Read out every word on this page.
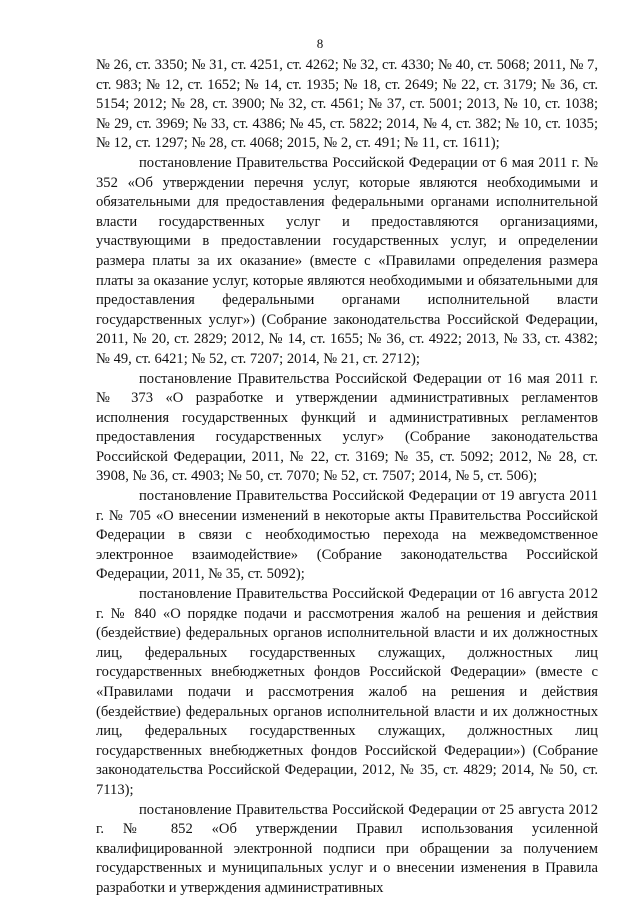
8

№ 26, ст. 3350; № 31, ст. 4251, ст. 4262; № 32, ст. 4330; № 40, ст. 5068; 2011, № 7, ст. 983; № 12, ст. 1652; № 14, ст. 1935; № 18, ст. 2649; № 22, ст. 3179; № 36, ст. 5154; 2012; № 28, ст. 3900; № 32, ст. 4561; № 37, ст. 5001; 2013, № 10, ст. 1038; № 29, ст. 3969; № 33, ст. 4386; № 45, ст. 5822; 2014, № 4, ст. 382; № 10, ст. 1035; № 12, ст. 1297; № 28, ст. 4068; 2015, № 2, ст. 491; № 11, ст. 1611);

постановление Правительства Российской Федерации от 6 мая 2011 г. № 352 «Об утверждении перечня услуг, которые являются необходимыми и обязательными для предоставления федеральными органами исполнительной власти государственных услуг и предоставляются организациями, участвующими в предоставлении государственных услуг, и определении размера платы за их оказание» (вместе с «Правилами определения размера платы за оказание услуг, которые являются необходимыми и обязательными для предоставления федеральными органами исполнительной власти государственных услуг») (Собрание законодательства Российской Федерации, 2011, № 20, ст. 2829; 2012, № 14, ст. 1655; № 36, ст. 4922; 2013, № 33, ст. 4382; № 49, ст. 6421; № 52, ст. 7207; 2014, № 21, ст. 2712);

постановление Правительства Российской Федерации от 16 мая 2011 г. № 373 «О разработке и утверждении административных регламентов исполнения государственных функций и административных регламентов предоставления государственных услуг» (Собрание законодательства Российской Федерации, 2011, № 22, ст. 3169; № 35, ст. 5092; 2012, № 28, ст. 3908, № 36, ст. 4903; № 50, ст. 7070; № 52, ст. 7507; 2014, № 5, ст. 506);

постановление Правительства Российской Федерации от 19 августа 2011 г. № 705 «О внесении изменений в некоторые акты Правительства Российской Федерации в связи с необходимостью перехода на межведомственное электронное взаимодействие» (Собрание законодательства Российской Федерации, 2011, № 35, ст. 5092);

постановление Правительства Российской Федерации от 16 августа 2012 г. № 840 «О порядке подачи и рассмотрения жалоб на решения и действия (бездействие) федеральных органов исполнительной власти и их должностных лиц, федеральных государственных служащих, должностных лиц государственных внебюджетных фондов Российской Федерации» (вместе с «Правилами подачи и рассмотрения жалоб на решения и действия (бездействие) федеральных органов исполнительной власти и их должностных лиц, федеральных государственных служащих, должностных лиц государственных внебюджетных фондов Российской Федерации») (Собрание законодательства Российской Федерации, 2012, № 35, ст. 4829; 2014, № 50, ст. 7113);

постановление Правительства Российской Федерации от 25 августа 2012 г. № 852 «Об утверждении Правил использования усиленной квалифицированной электронной подписи при обращении за получением государственных и муниципальных услуг и о внесении изменения в Правила разработки и утверждения административных
